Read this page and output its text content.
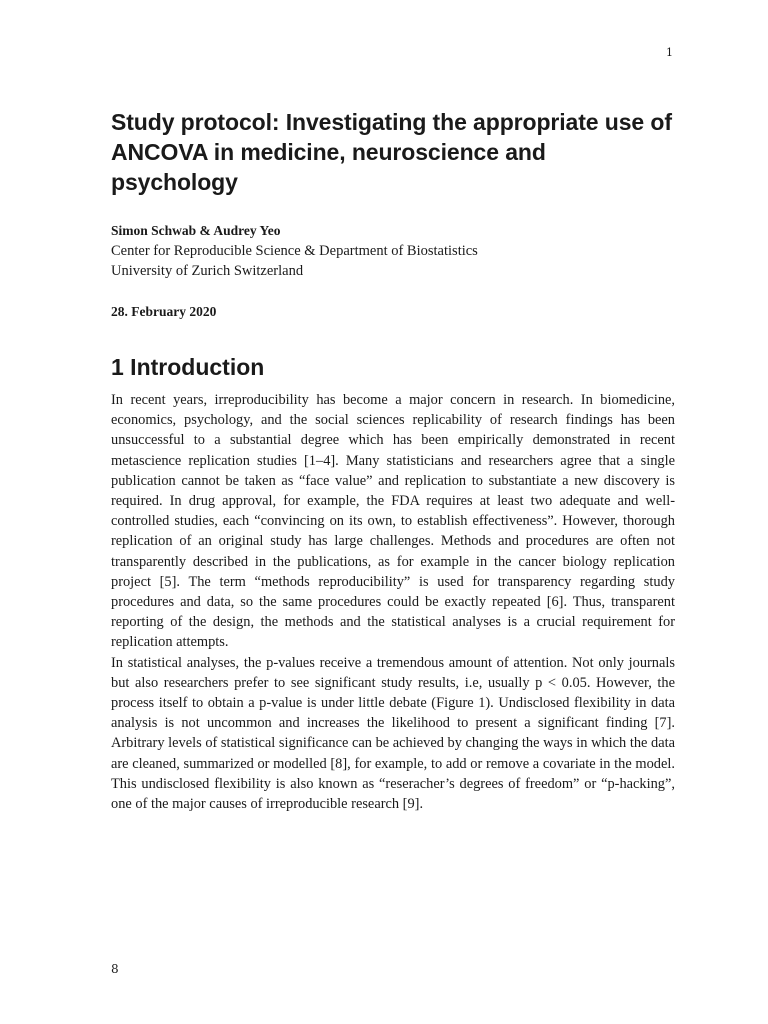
1
Study protocol: Investigating the appropriate use of ANCOVA in medicine, neuroscience and psychology
Simon Schwab & Audrey Yeo
Center for Reproducible Science & Department of Biostatistics
University of Zurich Switzerland
28. February 2020
1 Introduction

In recent years, irreproducibility has become a major concern in research. In biomedicine, economics, psychology, and the social sciences replicability of research findings has been unsuccessful to a substantial degree which has been empirically demonstrated in recent metascience replication studies [1–4]. Many statisticians and researchers agree that a single publication cannot be taken as “face value” and replication to substantiate a new discovery is required. In drug approval, for example, the FDA requires at least two adequate and well-controlled studies, each “convincing on its own, to establish effectiveness”. However, thorough replication of an original study has large challenges. Methods and procedures are often not transparently described in the publications, as for example in the cancer biology replication project [5]. The term “methods reproducibility” is used for transparency regarding study procedures and data, so the same procedures could be exactly repeated [6]. Thus, transparent reporting of the design, the methods and the statistical analyses is a crucial requirement for replication attempts.

In statistical analyses, the p-values receive a tremendous amount of attention. Not only journals but also researchers prefer to see significant study results, i.e, usually p < 0.05. However, the process itself to obtain a p-value is under little debate (Figure 1). Undisclosed flexibility in data analysis is not uncommon and increases the likelihood to present a significant finding [7]. Arbitrary levels of statistical significance can be achieved by changing the ways in which the data are cleaned, summarized or modelled [8], for example, to add or remove a covariate in the model. This undisclosed flexibility is also known as “reseracher’s degrees of freedom” or “p-hacking”, one of the major causes of irreproducible research [9].

8
